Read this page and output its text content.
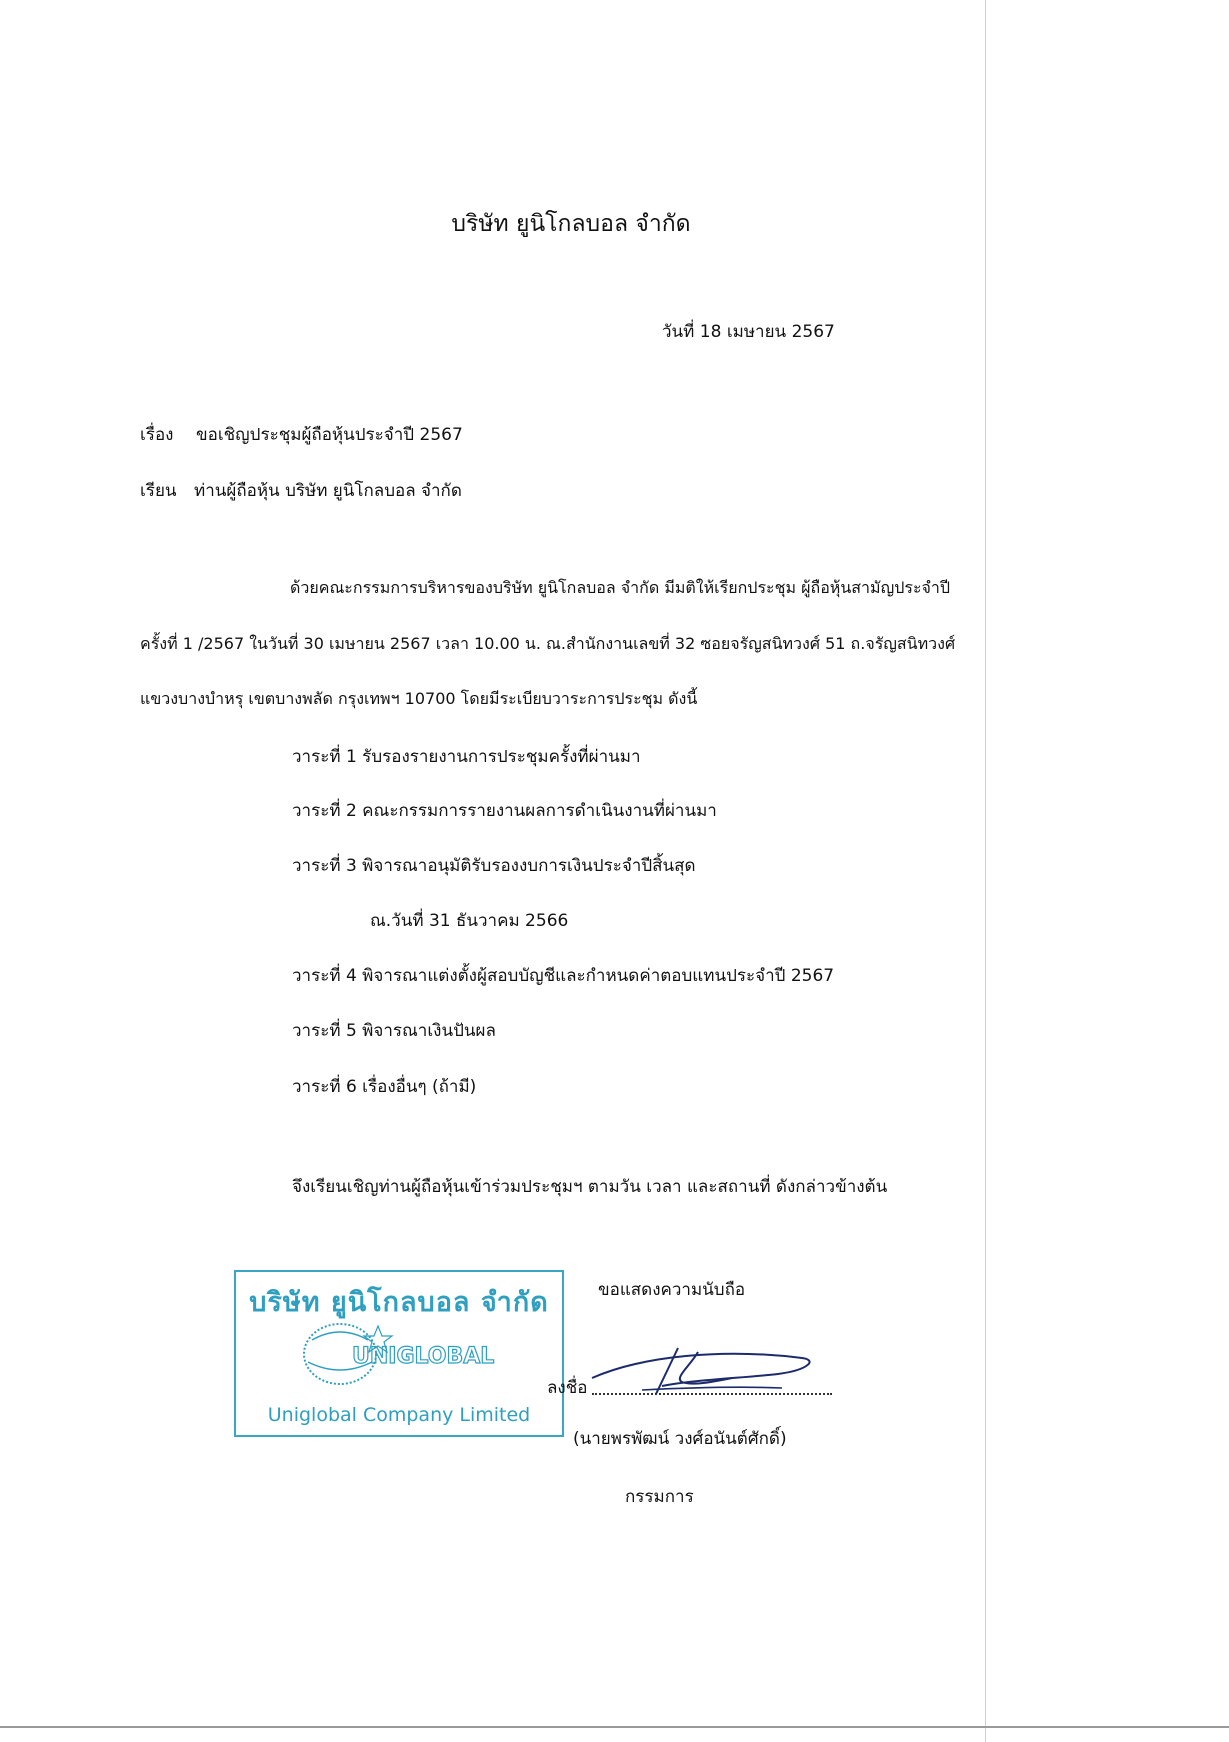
บริษัท ยูนิโกลบอล จำกัด
วันที่ 18 เมษายน 2567
เรื่อง ขอเชิญประชุมผู้ถือหุ้นประจำปี 2567
เรียน ท่านผู้ถือหุ้น บริษัท ยูนิโกลบอล จำกัด
ด้วยคณะกรรมการบริหารของบริษัท ยูนิโกลบอล จำกัด มีมติให้เรียกประชุม ผู้ถือหุ้นสามัญประจำปี
ครั้งที่ 1 /2567 ในวันที่ 30 เมษายน 2567 เวลา 10.00 น. ณ.สำนักงานเลขที่ 32 ซอยจรัญสนิทวงศ์ 51 ถ.จรัญสนิทวงศ์
แขวงบางบำหรุ เขตบางพลัด กรุงเทพฯ 10700 โดยมีระเบียบวาระการประชุม ดังนี้
วาระที่ 1 รับรองรายงานการประชุมครั้งที่ผ่านมา
วาระที่ 2 คณะกรรมการรายงานผลการดำเนินงานที่ผ่านมา
วาระที่ 3 พิจารณาอนุมัติรับรองงบการเงินประจำปีสิ้นสุด
ณ.วันที่ 31 ธันวาคม 2566
วาระที่ 4 พิจารณาแต่งตั้งผู้สอบบัญชีและกำหนดค่าตอบแทนประจำปี 2567
วาระที่ 5 พิจารณาเงินปันผล
วาระที่ 6 เรื่องอื่นๆ (ถ้ามี)
จึงเรียนเชิญท่านผู้ถือหุ้นเข้าร่วมประชุมฯ ตามวัน เวลา และสถานที่ ดังกล่าวข้างต้น
ขอแสดงความนับถือ
บริษัท ยูนิโกลบอล จำกัด
UNIGLOBAL
Uniglobal Company Limited
ลงชื่อ
(นายพรพัฒน์ วงศ์อนันต์ศักดิ์)
กรรมการ
